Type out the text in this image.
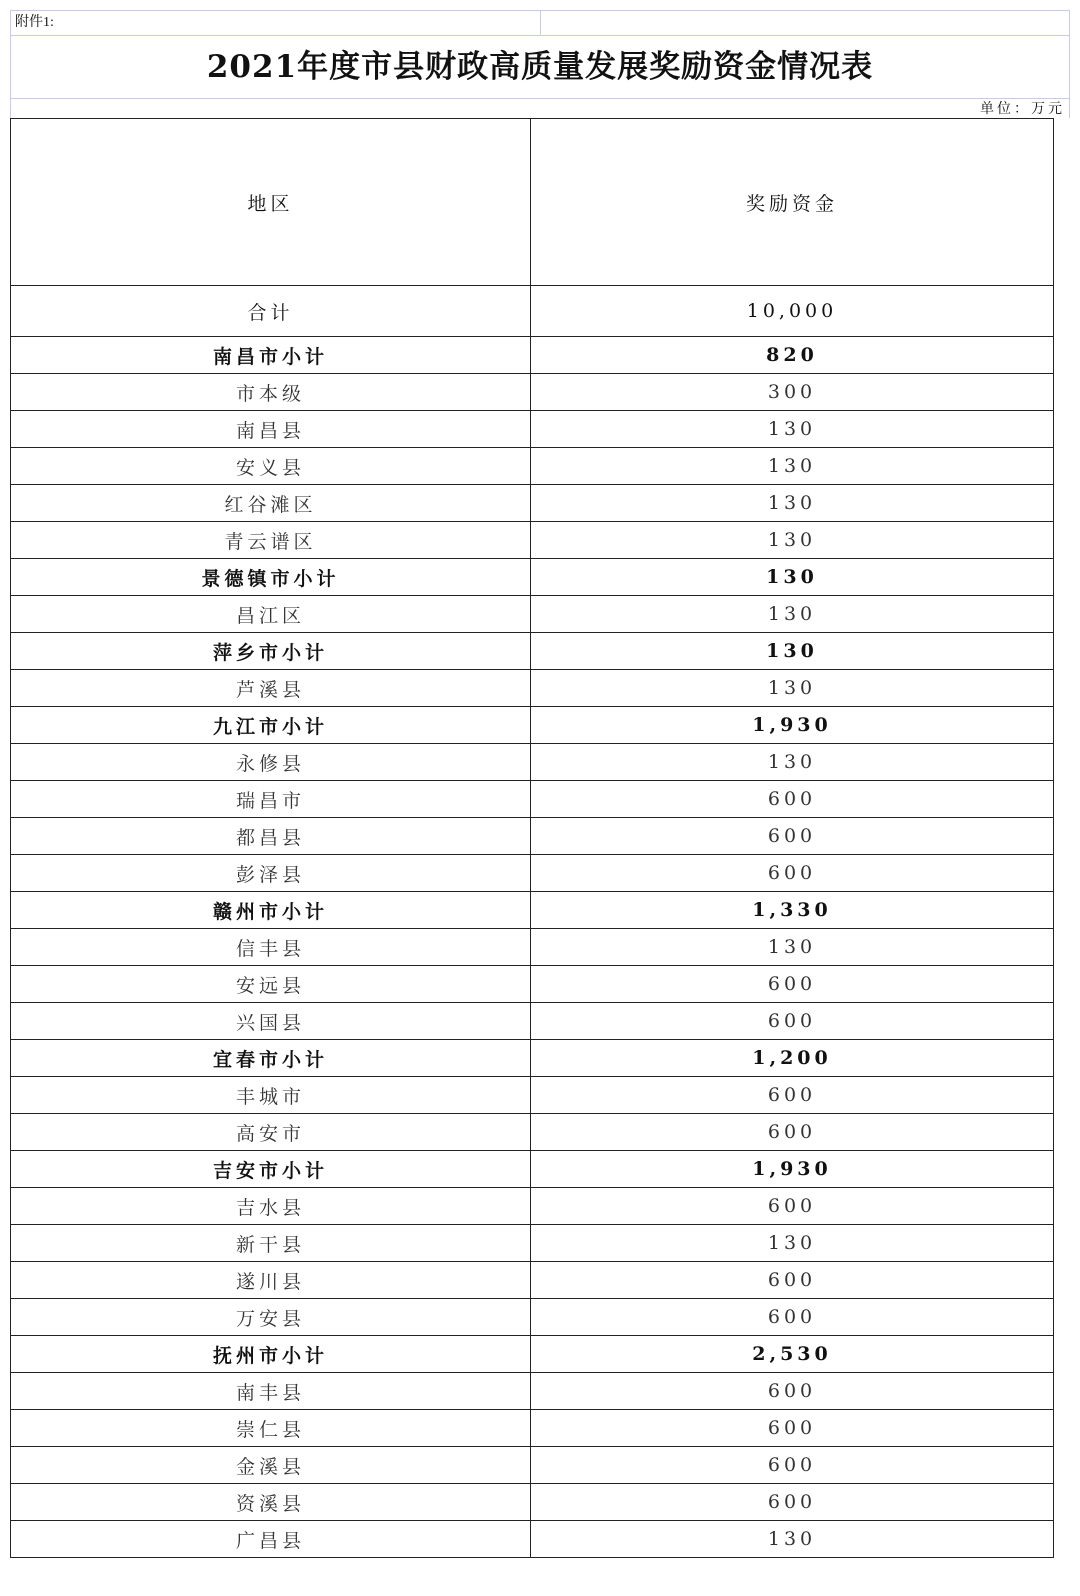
附件1:
2021年度市县财政高质量发展奖励资金情况表
单位：万元
地区	奖励资金
合计	10,000
南昌市小计	820
市本级	300
南昌县	130
安义县	130
红谷滩区	130
青云谱区	130
景德镇市小计	130
昌江区	130
萍乡市小计	130
芦溪县	130
九江市小计	1,930
永修县	130
瑞昌市	600
都昌县	600
彭泽县	600
赣州市小计	1,330
信丰县	130
安远县	600
兴国县	600
宜春市小计	1,200
丰城市	600
高安市	600
吉安市小计	1,930
吉水县	600
新干县	130
遂川县	600
万安县	600
抚州市小计	2,530
南丰县	600
崇仁县	600
金溪县	600
资溪县	600
广昌县	130
